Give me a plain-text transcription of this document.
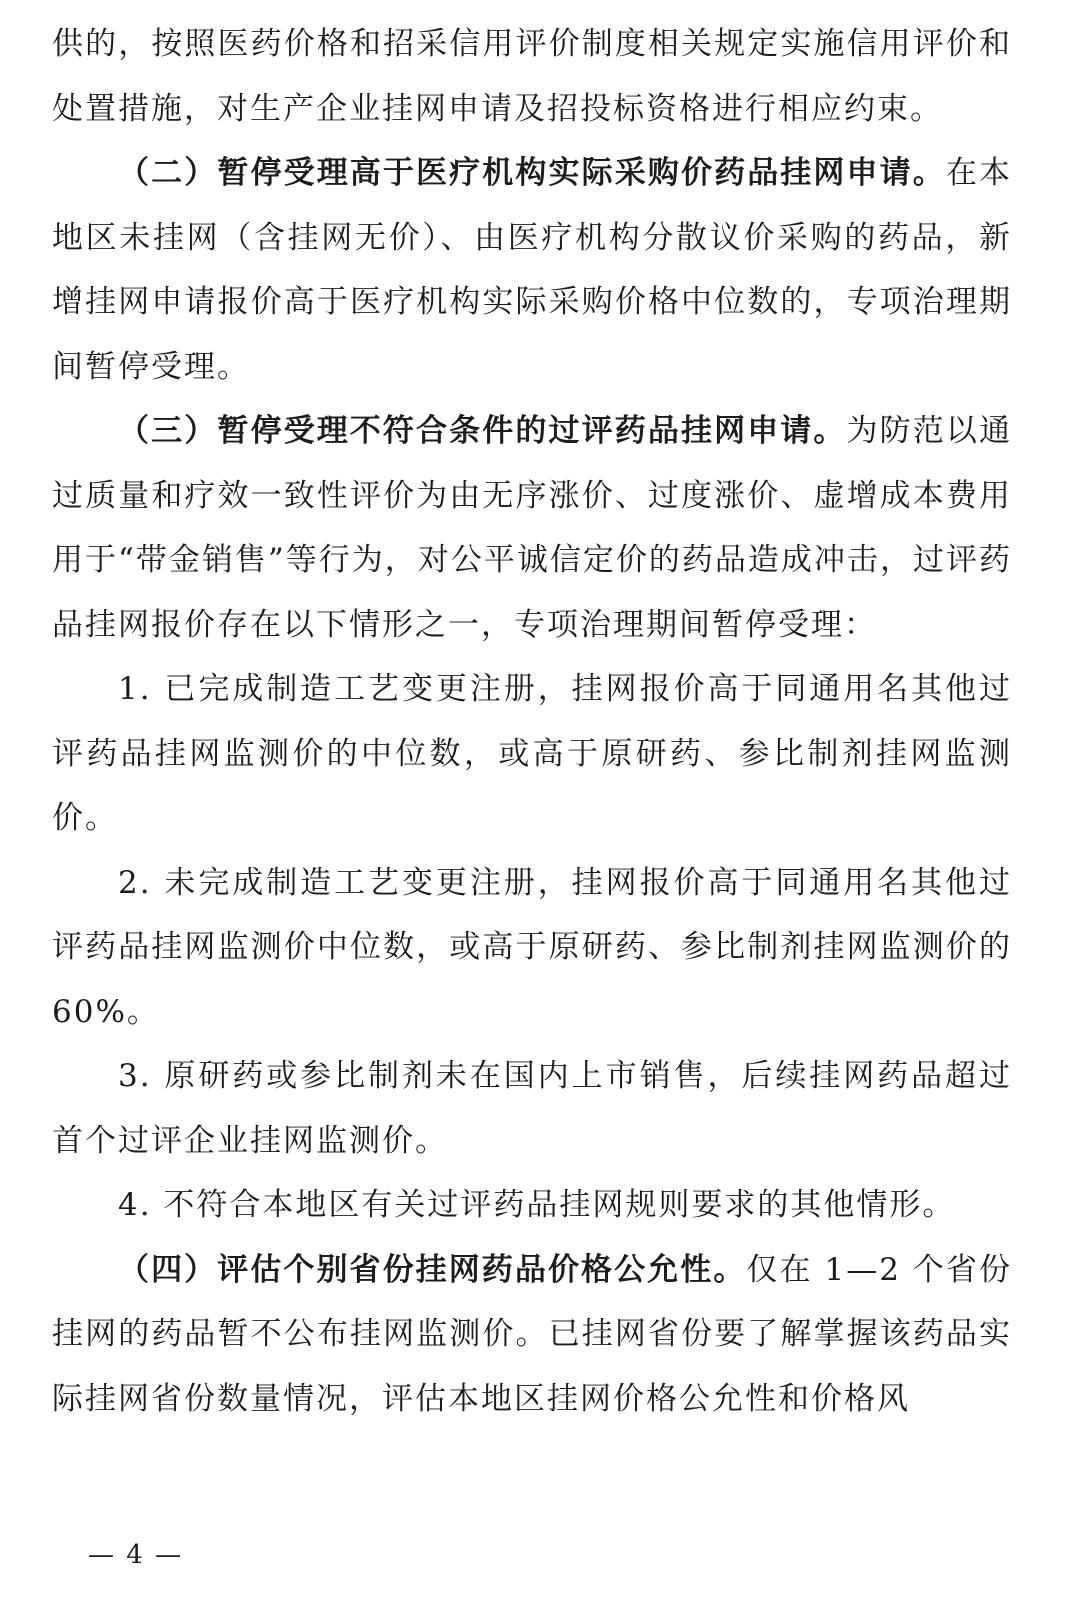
供的，按照医药价格和招采信用评价制度相关规定实施信用评价和处置措施，对生产企业挂网申请及招投标资格进行相应约束。

（二）暂停受理高于医疗机构实际采购价药品挂网申请。在本地区未挂网（含挂网无价）、由医疗机构分散议价采购的药品，新增挂网申请报价高于医疗机构实际采购价格中位数的，专项治理期间暂停受理。

（三）暂停受理不符合条件的过评药品挂网申请。为防范以通过质量和疗效一致性评价为由无序涨价、过度涨价、虚增成本费用用于“带金销售”等行为，对公平诚信定价的药品造成冲击，过评药品挂网报价存在以下情形之一，专项治理期间暂停受理：

1. 已完成制造工艺变更注册，挂网报价高于同通用名其他过评药品挂网监测价的中位数，或高于原研药、参比制剂挂网监测价。

2. 未完成制造工艺变更注册，挂网报价高于同通用名其他过评药品挂网监测价中位数，或高于原研药、参比制剂挂网监测价的 60%。

3. 原研药或参比制剂未在国内上市销售，后续挂网药品超过首个过评企业挂网监测价。

4. 不符合本地区有关过评药品挂网规则要求的其他情形。

（四）评估个别省份挂网药品价格公允性。仅在 1—2 个省份挂网的药品暂不公布挂网监测价。已挂网省份要了解掌握该药品实际挂网省份数量情况，评估本地区挂网价格公允性和价格风

— 4 —
